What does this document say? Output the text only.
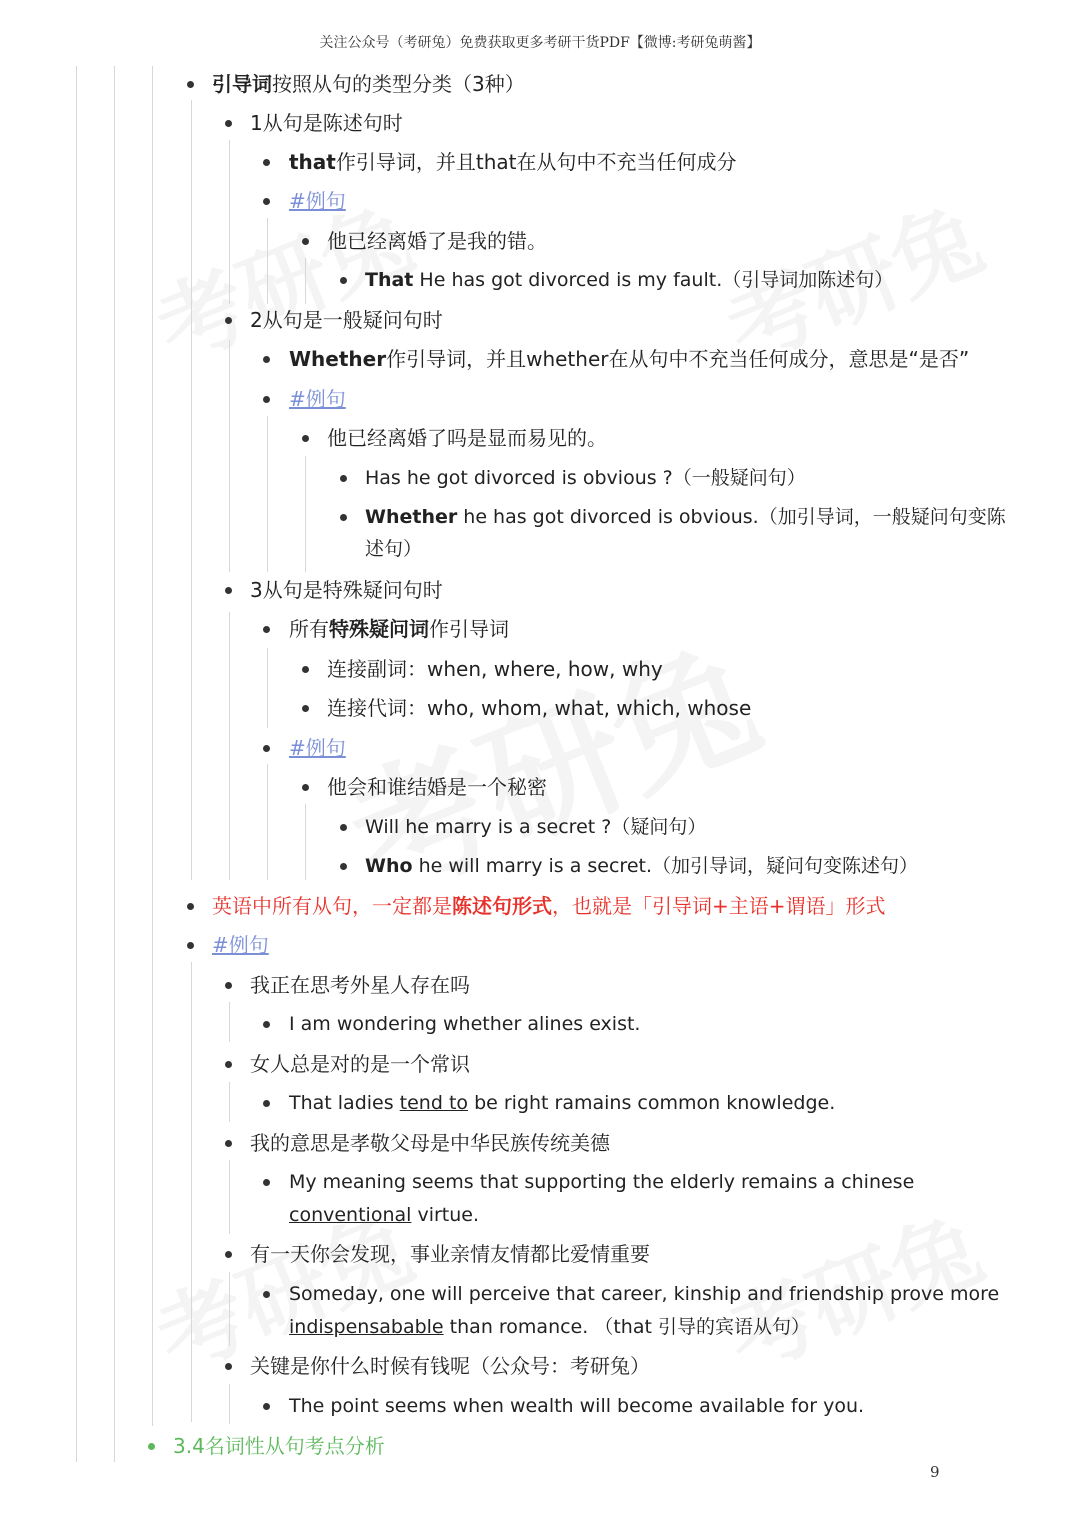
关注公众号（考研兔）免费获取更多考研干货PDF【微博:考研兔萌酱】
引导词按照从句的类型分类（3种）
1从句是陈述句时
that作引导词，并且that在从句中不充当任何成分
#例句
他已经离婚了是我的错。
That He has got divorced is my fault.（引导词加陈述句）
2从句是一般疑问句时
Whether作引导词，并且whether在从句中不充当任何成分，意思是“是否”
#例句
他已经离婚了吗是显而易见的。
Has he got divorced is obvious ?（一般疑问句）
Whether he has got divorced is obvious.（加引导词，一般疑问句变陈
述句）
3从句是特殊疑问句时
所有特殊疑问词作引导词
连接副词：when, where, how, why
连接代词：who, whom, what, which, whose
#例句
他会和谁结婚是一个秘密
Will he marry is a secret ?（疑问句）
Who he will marry is a secret.（加引导词，疑问句变陈述句）
英语中所有从句，一定都是陈述句形式，也就是「引导词+主语+谓语」形式
#例句
我正在思考外星人存在吗
I am wondering whether alines exist.
女人总是对的是一个常识
That ladies tend to be right ramains common knowledge.
我的意思是孝敬父母是中华民族传统美德
My meaning seems that supporting the elderly remains a chinese
conventional virtue.
有一天你会发现，事业亲情友情都比爱情重要
Someday, one will perceive that career, kinship and friendship prove more
indispensabable than romance. （that 引导的宾语从句）
关键是你什么时候有钱呢（公众号：考研兔）
The point seems when wealth will become available for you.
3.4名词性从句考点分析
9
